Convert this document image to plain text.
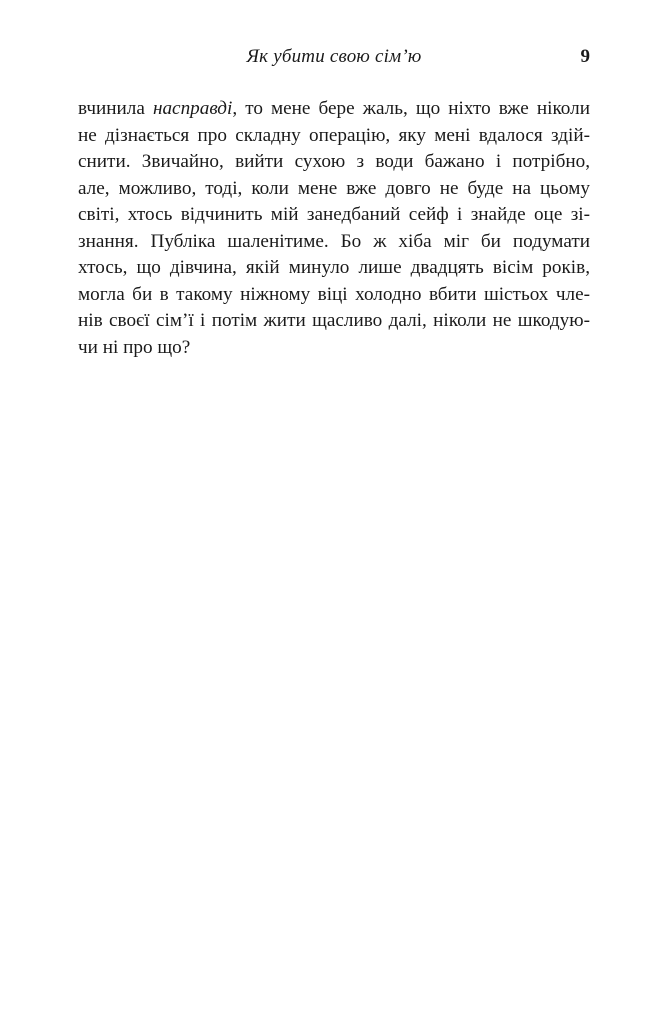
Як убити свою сім’ю	9
вчинила насправді, то мене бере жаль, що ніхто вже ніколи
не дізнається про складну операцію, яку мені вдалося здій-
снити. Звичайно, вийти сухою з води бажано і потрібно,
але, можливо, тоді, коли мене вже довго не буде на цьому
світі, хтось відчинить мій занедбаний сейф і знайде оце зі-
знання. Публіка шаленітиме. Бо ж хіба міг би подумати
хтось, що дівчина, якій минуло лише двадцять вісім років,
могла би в такому ніжному віці холодно вбити шістьох чле-
нів своєї сім’ї і потім жити щасливо далі, ніколи не шкодую-
чи ні про що?
